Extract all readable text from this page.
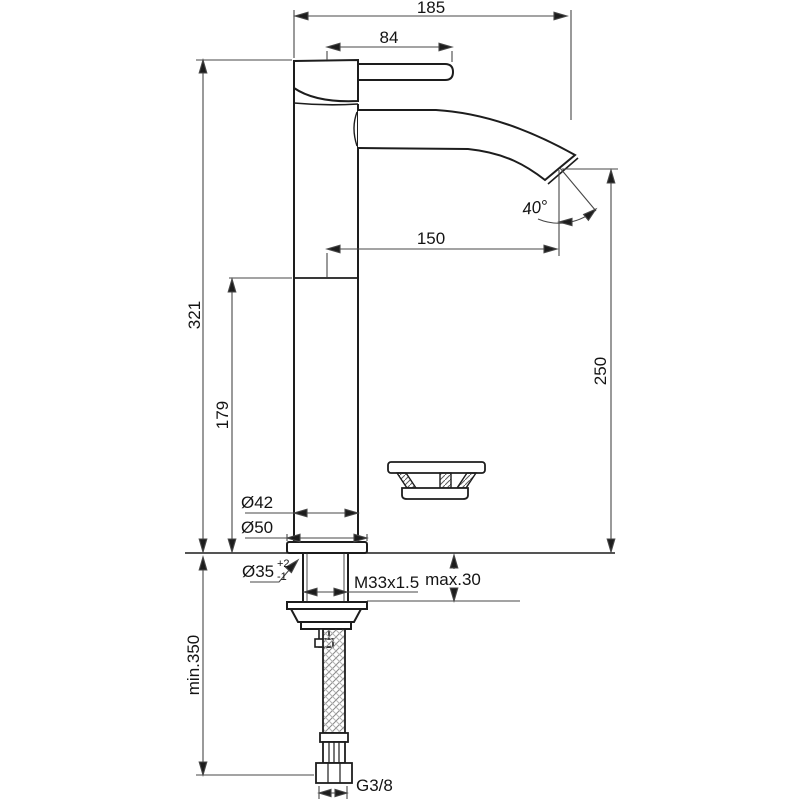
185
84
321
179
min.350
250
150
40°
Ø42
Ø50
Ø35 +2
-1	M33x1.5 max.30
G3/8
